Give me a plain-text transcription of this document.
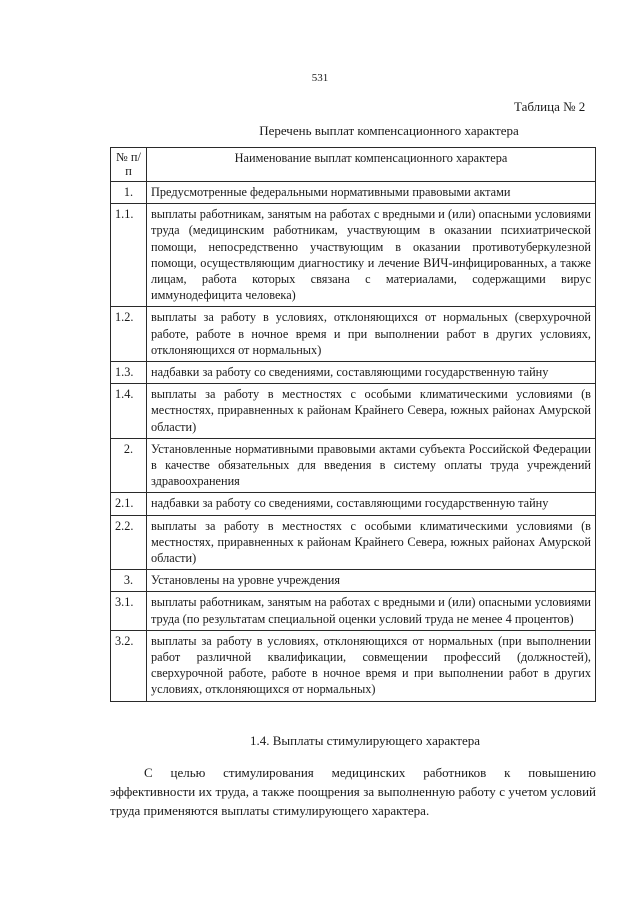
531
Таблица № 2
Перечень выплат компенсационного характера
№ п/п	Наименование выплат компенсационного характера
1.	Предусмотренные федеральными нормативными правовыми актами
1.1.	выплаты работникам, занятым на работах с вредными и (или) опасными условиями труда (медицинским работникам, участвующим в оказании психиатрической помощи, непосредственно участвующим в оказании противотуберкулезной помощи, осуществляющим диагностику и лечение ВИЧ-инфицированных, а также лицам, работа которых связана с материалами, содержащими вирус иммунодефицита человека)
1.2.	выплаты за работу в условиях, отклоняющихся от нормальных (сверхурочной работе, работе в ночное время и при выполнении работ в других условиях, отклоняющихся от нормальных)
1.3.	надбавки за работу со сведениями, составляющими государственную тайну
1.4.	выплаты за работу в местностях с особыми климатическими условиями (в местностях, приравненных к районам Крайнего Севера, южных районах Амурской области)
2.	Установленные нормативными правовыми актами субъекта Российской Федерации в качестве обязательных для введения в систему оплаты труда учреждений здравоохранения
2.1.	надбавки за работу со сведениями, составляющими государственную тайну
2.2.	выплаты за работу в местностях с особыми климатическими условиями (в местностях, приравненных к районам Крайнего Севера, южных районах Амурской области)
3.	Установлены на уровне учреждения
3.1.	выплаты работникам, занятым на работах с вредными и (или) опасными условиями труда (по результатам специальной оценки условий труда не менее 4 процентов)
3.2.	выплаты за работу в условиях, отклоняющихся от нормальных (при выполнении работ различной квалификации, совмещении профессий (должностей), сверхурочной работе, работе в ночное время и при выполнении работ в других условиях, отклоняющихся от нормальных)
1.4. Выплаты стимулирующего характера

С целью стимулирования медицинских работников к повышению эффективности их труда, а также поощрения за выполненную работу с учетом условий труда применяются выплаты стимулирующего характера.
